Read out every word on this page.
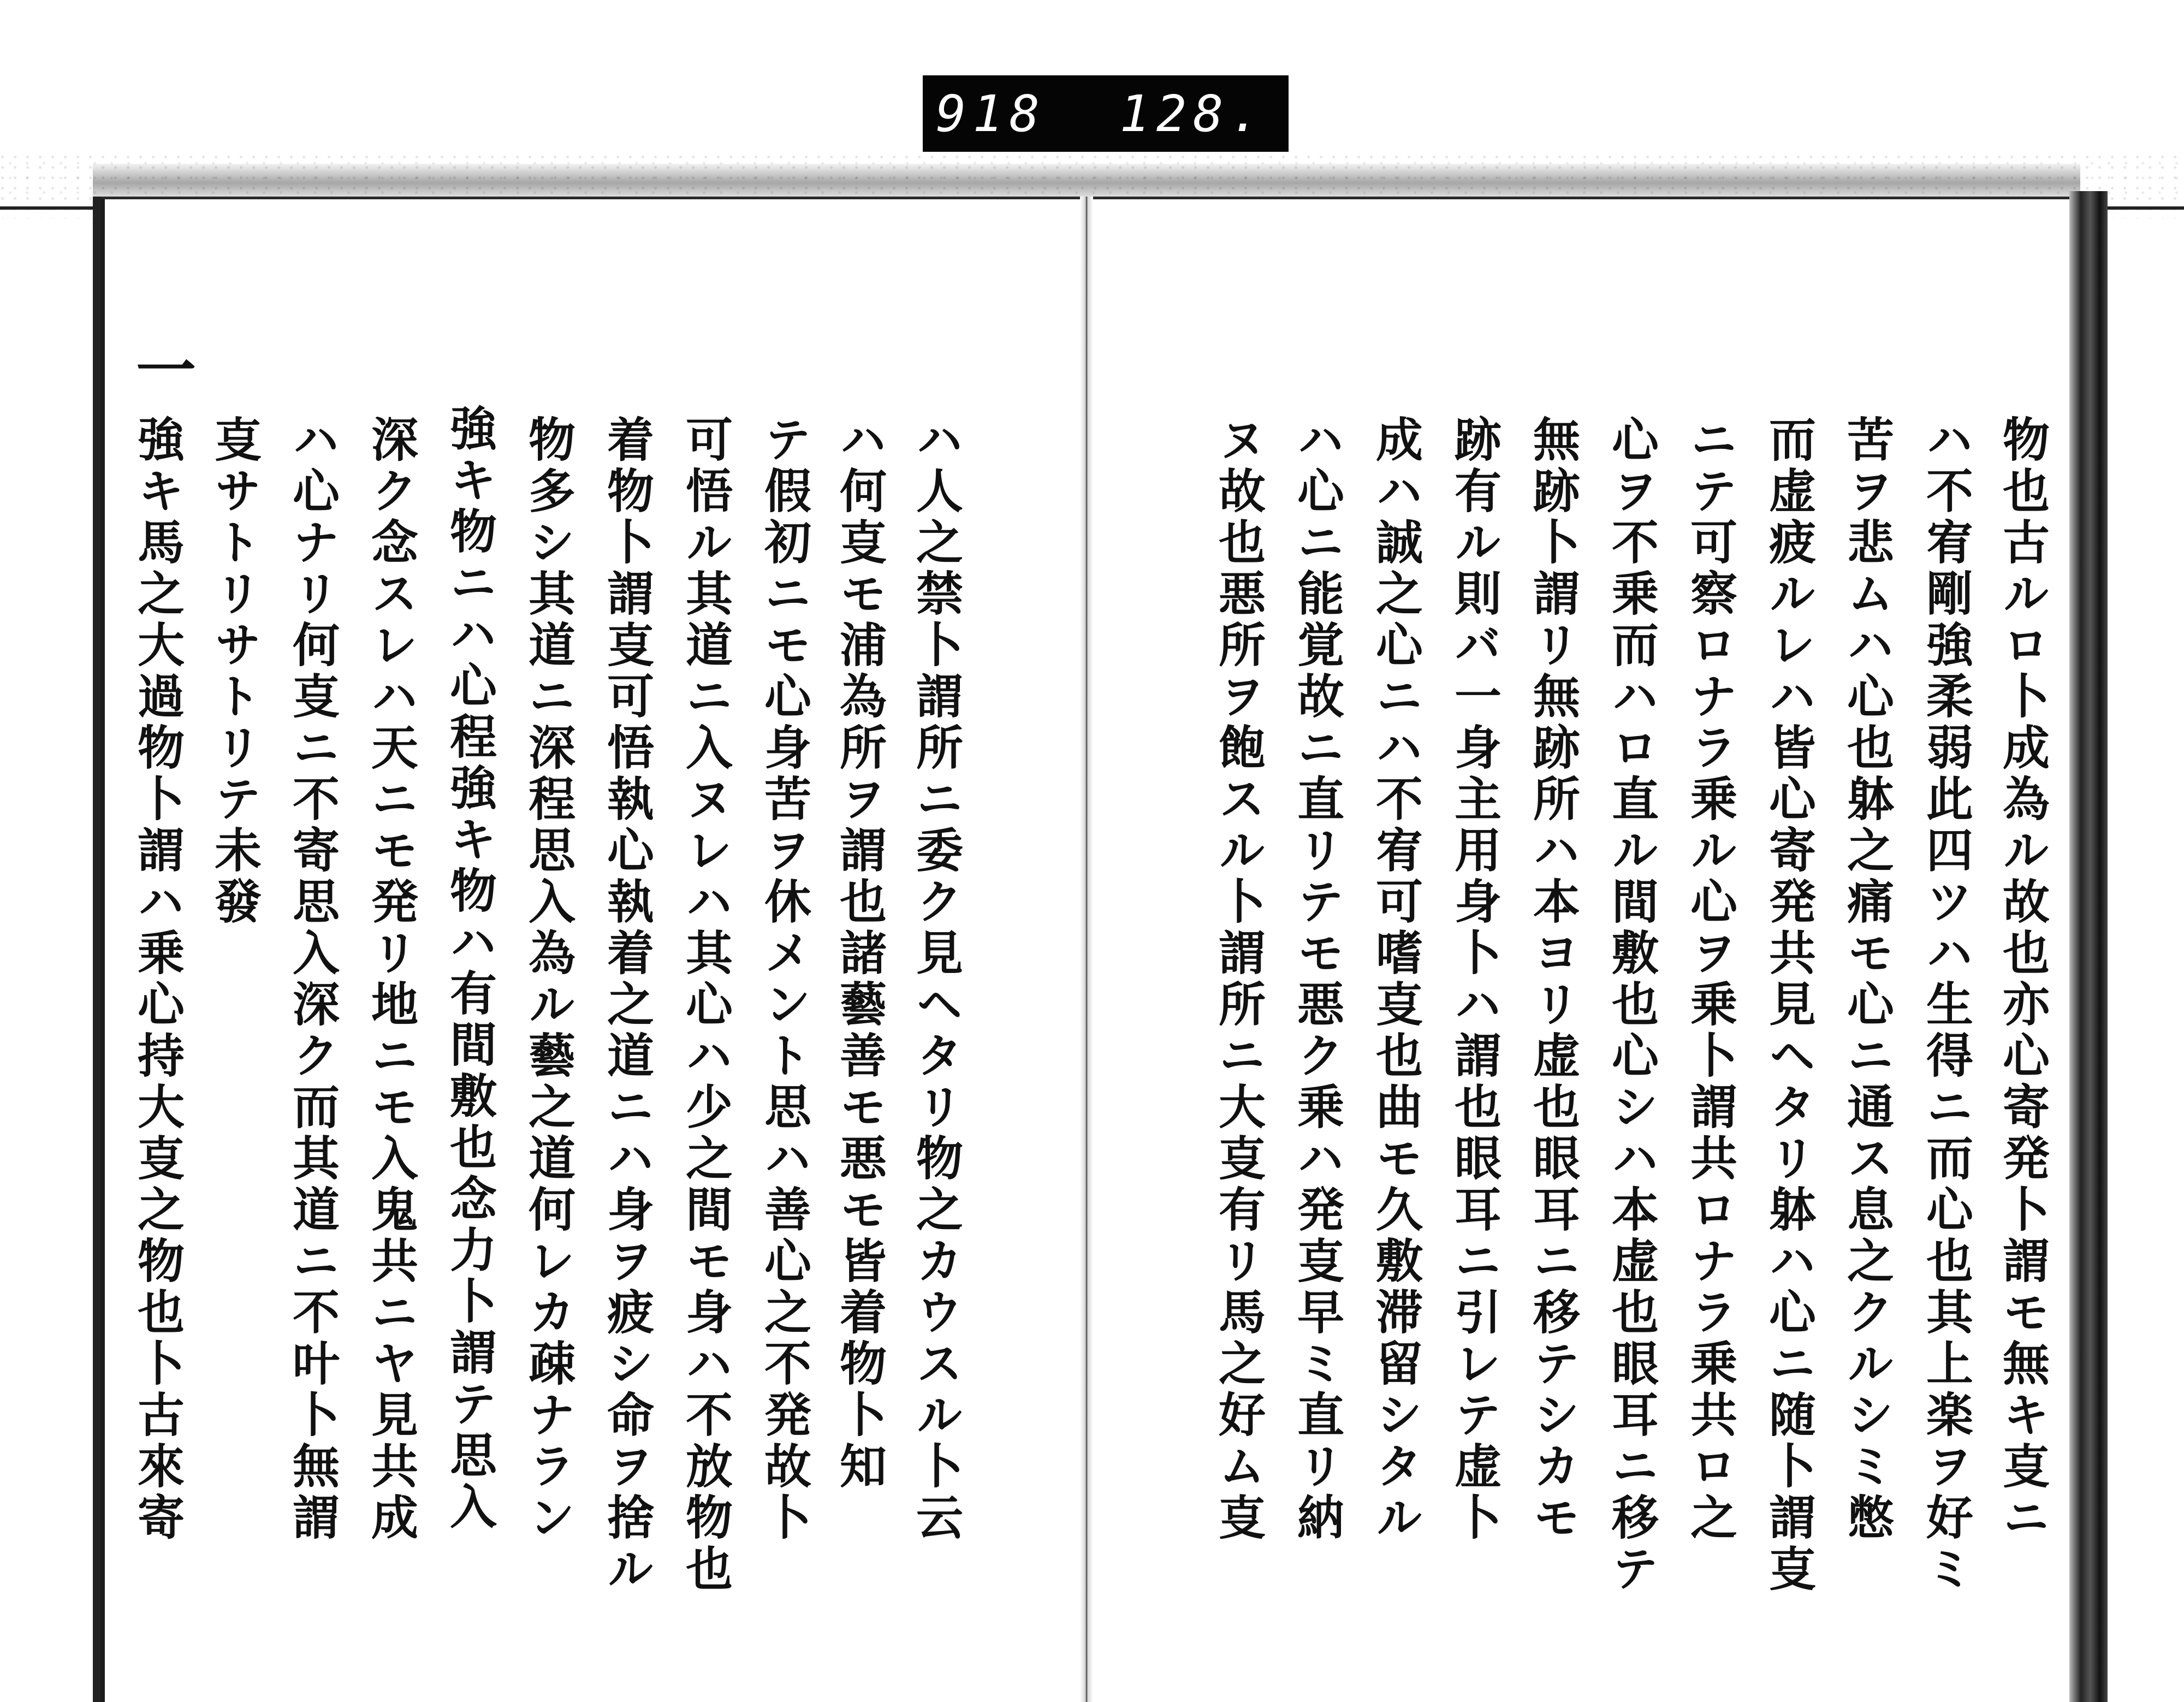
918 128.
一
強キ馬之大過物卜謂ハ乗心持大㕝之物也卜古來寄 㕝サトリサトリテ未發 ハ心ナリ何㕝ニ不寄思入深ク而其道ニ不叶卜無謂 深ク念スレハ天ニモ発リ地ニモ入鬼共ニヤ見共成 強キ物ニハ心程強キ物ハ有間敷也念力卜謂テ思入 物多シ其道ニ深程思入為ル藝之道何レカ疎ナラン 着物卜謂㕝可悟執心執着之道ニハ身ヲ疲シ命ヲ捨ル 可悟ル其道ニ入ヌレハ其心ハ少之間モ身ハ不放物也 テ假初ニモ心身苦ヲ休メント思ハ善心之不発故卜 ハ何㕝モ浦為所ヲ謂也諸藝善モ悪モ皆着物卜知 ハ人之禁卜謂所ニ委ク見ヘタリ物之カウスル卜云	物也古ルロ卜成為ル故也亦心寄発卜謂モ無キ㕝ニ
ハ不宥剛強柔弱此四ツハ生得ニ而心也其上楽ヲ好ミ
苦ヲ悲ムハ心也躰之痛モ心ニ通ス息之クルシミ憋
而虚疲ルレハ皆心寄発共見ヘタリ躰ハ心ニ随卜謂㕝
ニテ可察ロナラ乗ル心ヲ乗卜謂共ロナラ乗共ロ之
心ヲ不乗而ハロ直ル間敷也心シハ本虚也眼耳ニ移テ
無跡卜謂リ無跡所ハ本ヨリ虚也眼耳ニ移テシカモ
跡有ル則バ一身主用身卜ハ謂也眼耳ニ引レテ虚卜
成ハ誠之心ニハ不宥可嗜㕝也曲モ久敷滞留シタル
ハ心ニ能覚故ニ直リテモ悪ク乗ハ発㕝早ミ直リ納
ヌ故也悪所ヲ飽スル卜謂所ニ大㕝有リ馬之好ム㕝
